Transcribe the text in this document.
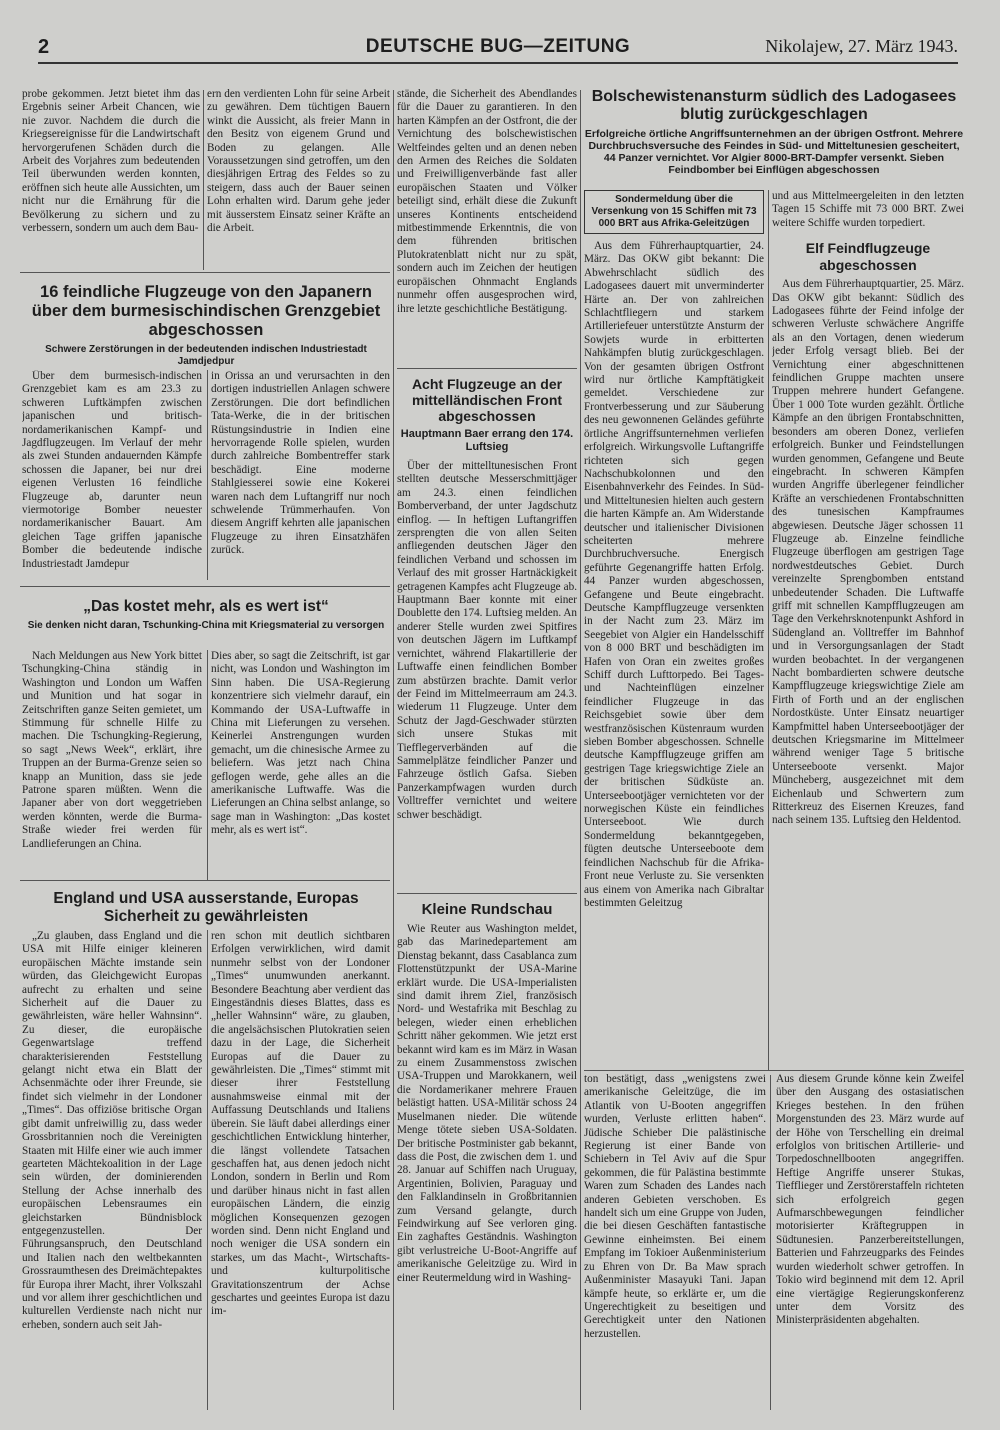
2	DEUTSCHE BUG—ZEITUNG	Nikolajew, 27. März 1943.

probe gekommen. Jetzt bietet ihm das Ergebnis seiner Arbeit Chancen, wie nie zuvor. Nachdem die durch die Kriegsereignisse für die Landwirtschaft hervorgerufenen Schäden durch die Arbeit des Vorjahres zum bedeutenden Teil überwunden werden konnten, eröffnen sich heute alle Aussichten, um nicht nur die Ernährung für die Bevölkerung zu sichern und zu verbessern, sondern um auch dem Bau-

ern den verdienten Lohn für seine Arbeit zu gewähren. Dem tüchtigen Bauern winkt die Aussicht, als freier Mann in den Besitz von eigenem Grund und Boden zu gelangen. Alle Voraussetzungen sind getroffen, um den diesjährigen Ertrag des Feldes so zu steigern, dass auch der Bauer seinen Lohn erhalten wird. Darum gehe jeder mit äusserstem Einsatz seiner Kräfte an die Arbeit.

stände, die Sicherheit des Abendlandes für die Dauer zu garantieren. In den harten Kämpfen an der Ostfront, die der Vernichtung des bolschewistischen Weltfeindes gelten und an denen neben den Armen des Reiches die Soldaten und Freiwilligenverbände fast aller europäischen Staaten und Völker beteiligt sind, erhält diese die Zukunft unseres Kontinents entscheidend mitbestimmende Erkenntnis, die von dem führenden britischen Plutokratenblatt nicht nur zu spät, sondern auch im Zeichen der heutigen europäischen Ohnmacht Englands nunmehr offen ausgesprochen wird, ihre letzte geschichtliche Bestätigung.

16 feindliche Flugzeuge von den Japanern über dem burmesischindischen Grenzgebiet abgeschossen
Schwere Zerstörungen in der bedeutenden indischen Industriestadt Jamdjedpur

Über dem burmesisch-indischen Grenzgebiet kam es am 23.3 zu schweren Luftkämpfen zwischen japanischen und britisch-nordamerikanischen Kampf- und Jagdflugzeugen. Im Verlauf der mehr als zwei Stunden andauernden Kämpfe schossen die Japaner, bei nur drei eigenen Verlusten 16 feindliche Flugzeuge ab, darunter neun viermotorige Bomber neuester nordamerikanischer Bauart. Am gleichen Tage griffen japanische Bomber die bedeutende indische Industriestadt Jamdepur

in Orissa an und verursachten in den dortigen industriellen Anlagen schwere Zerstörungen. Die dort befindlichen Tata-Werke, die in der britischen Rüstungsindustrie in Indien eine hervorragende Rolle spielen, wurden durch zahlreiche Bombentreffer stark beschädigt. Eine moderne Stahlgiesserei sowie eine Kokerei waren nach dem Luftangriff nur noch schwelende Trümmerhaufen. Von diesem Angriff kehrten alle japanischen Flugzeuge zu ihren Einsatzhäfen zurück.

„Das kostet mehr, als es wert ist“
Sie denken nicht daran, Tschunking-China mit Kriegsmaterial zu versorgen

Nach Meldungen aus New York bittet Tschungking-China ständig in Washington und London um Waffen und Munition und hat sogar in Zeitschriften ganze Seiten gemietet, um Stimmung für schnelle Hilfe zu machen. Die Tschungking-Regierung, so sagt „News Week“, erklärt, ihre Truppen an der Burma-Grenze seien so knapp an Munition, dass sie jede Patrone sparen müßten. Wenn die Japaner aber von dort weggetrieben werden könnten, werde die Burma-Straße wieder frei werden für Landlieferungen an China.

Dies aber, so sagt die Zeitschrift, ist gar nicht, was London und Washington im Sinn haben. Die USA-Regierung konzentriere sich vielmehr darauf, ein Kommando der USA-Luftwaffe in China mit Lieferungen zu versehen. Keinerlei Anstrengungen wurden gemacht, um die chinesische Armee zu beliefern. Was jetzt nach China geflogen werde, gehe alles an die amerikanische Luftwaffe. Was die Lieferungen an China selbst anlange, so sage man in Washington: „Das kostet mehr, als es wert ist“.

England und USA ausserstande, Europas Sicherheit zu gewährleisten

„Zu glauben, dass England und die USA mit Hilfe einiger kleineren europäischen Mächte imstande sein würden, das Gleichgewicht Europas aufrecht zu erhalten und seine Sicherheit auf die Dauer zu gewährleisten, wäre heller Wahnsinn“. Zu dieser, die europäische Gegenwartslage treffend charakterisierenden Feststellung gelangt nicht etwa ein Blatt der Achsenmächte oder ihrer Freunde, sie findet sich vielmehr in der Londoner „Times“. Das offiziöse britische Organ gibt damit unfreiwillig zu, dass weder Grossbritannien noch die Vereinigten Staaten mit Hilfe einer wie auch immer gearteten Mächtekoalition in der Lage sein würden, der dominierenden Stellung der Achse innerhalb des europäischen Lebensraumes ein gleichstarken Bündnisblock entgegenzustellen. Der Führungsanspruch, den Deutschland und Italien nach den weltbekannten Grossraumthesen des Dreimächtepaktes für Europa ihrer Macht, ihrer Volkszahl und vor allem ihrer geschichtlichen und kulturellen Verdienste nach nicht nur erheben, sondern auch seit Jah-

ren schon mit deutlich sichtbaren Erfolgen verwirklichen, wird damit nunmehr selbst von der Londoner „Times“ unumwunden anerkannt. Besondere Beachtung aber verdient das Eingeständnis dieses Blattes, dass es „heller Wahnsinn“ wäre, zu glauben, die angelsächsischen Plutokratien seien dazu in der Lage, die Sicherheit Europas auf die Dauer zu gewährleisten. Die „Times“ stimmt mit dieser ihrer Feststellung ausnahmsweise einmal mit der Auffassung Deutschlands und Italiens überein. Sie läuft dabei allerdings einer geschichtlichen Entwicklung hinterher, die längst vollendete Tatsachen geschaffen hat, aus denen jedoch nicht London, sondern in Berlin und Rom und darüber hinaus nicht in fast allen europäischen Ländern, die einzig möglichen Konsequenzen gezogen worden sind. Denn nicht England und noch weniger die USA sondern ein starkes, um das Macht-, Wirtschafts- und kulturpolitische Gravitationszentrum der Achse geschartes und geeintes Europa ist dazu im-

Acht Flugzeuge an der mittelländischen Front abgeschossen
Hauptmann Baer errang den 174. Luftsieg

Über der mittelltunesischen Front stellten deutsche Messerschmittjäger am 24.3. einen feindlichen Bomberverband, der unter Jagdschutz einflog. — In heftigen Luftangriffen zersprengten die von allen Seiten anfliegenden deutschen Jäger den feindlichen Verband und schossen im Verlauf des mit grosser Hartnäckigkeit getragenen Kampfes acht Flugzeuge ab. Hauptmann Baer konnte mit einer Doublette den 174. Luftsieg melden. An anderer Stelle wurden zwei Spitfires von deutschen Jägern im Luftkampf vernichtet, während Flakartillerie der Luftwaffe einen feindlichen Bomber zum abstürzen brachte. Damit verlor der Feind im Mittelmeerraum am 24.3. wiederum 11 Flugzeuge. Unter dem Schutz der Jagd-Geschwader stürzten sich unsere Stukas mit Tiefflegerverbänden auf die Sammelplätze feindlicher Panzer und Fahrzeuge östlich Gafsa. Sieben Panzerkampfwagen wurden durch Volltreffer vernichtet und weitere schwer beschädigt.

Kleine Rundschau

Wie Reuter aus Washington meldet, gab das Marinedepartement am Dienstag bekannt, dass Casablanca zum Flottenstützpunkt der USA-Marine erklärt wurde. Die USA-Imperialisten sind damit ihrem Ziel, französisch Nord- und Westafrika mit Beschlag zu belegen, wieder einen erheblichen Schritt näher gekommen. Wie jetzt erst bekannt wird kam es im März in Wasan zu einem Zusammenstoss zwischen USA-Truppen und Marokkanern, weil die Nordamerikaner mehrere Frauen belästigt hatten. USA-Militär schoss 24 Muselmanen nieder. Die wütende Menge tötete sieben USA-Soldaten. Der britische Postminister gab bekannt, dass die Post, die zwischen dem 1. und 28. Januar auf Schiffen nach Uruguay, Argentinien, Bolivien, Paraguay und den Falklandinseln in Großbritannien zum Versand gelangte, durch Feindwirkung auf See verloren ging. Ein zaghaftes Geständnis. Washington gibt verlustreiche U-Boot-Angriffe auf amerikanische Geleitzüge zu. Wird in einer Reutermeldung wird in Washing-

Bolschewistenansturm südlich des Ladogasees blutig zurückgeschlagen
Erfolgreiche örtliche Angriffsunternehmen an der übrigen Ostfront. Mehrere Durchbruchsversuche des Feindes in Süd- und Mitteltunesien gescheitert, 44 Panzer vernichtet. Vor Algier 8000-BRT-Dampfer versenkt. Sieben Feindbomber bei Einflügen abgeschossen
Sondermeldung über die Versenkung von 15 Schiffen mit 73 000 BRT aus Afrika-Geleitzügen

Aus dem Führerhauptquartier, 24. März. Das OKW gibt bekannt: Die Abwehrschlacht südlich des Ladogasees dauert mit unverminderter Härte an. Der von zahlreichen Schlachtfliegern und starkem Artilleriefeuer unterstützte Ansturm der Sowjets wurde in erbitterten Nahkämpfen blutig zurückgeschlagen. Von der gesamten übrigen Ostfront wird nur örtliche Kampftätigkeit gemeldet. Verschiedene zur Frontverbesserung und zur Säuberung des neu gewonnenen Geländes geführte örtliche Angriffsunternehmen verliefen erfolgreich. Wirkungsvolle Luftangriffe richteten sich gegen Nachschubkolonnen und den Eisenbahnverkehr des Feindes. In Süd- und Mitteltunesien hielten auch gestern die harten Kämpfe an. Am Widerstande deutscher und italienischer Divisionen scheiterten mehrere Durchbruchversuche. Energisch geführte Gegenangriffe hatten Erfolg. 44 Panzer wurden abgeschossen, Gefangene und Beute eingebracht. Deutsche Kampfflugzeuge versenkten in der Nacht zum 23. März im Seegebiet von Algier ein Handelsschiff von 8 000 BRT und beschädigten im Hafen von Oran ein zweites großes Schiff durch Lufttorpedo. Bei Tages- und Nachteinflügen einzelner feindlicher Flugzeuge in das Reichsgebiet sowie über dem westfranzösischen Küstenraum wurden sieben Bomber abgeschossen. Schnelle deutsche Kampfflugzeuge griffen am gestrigen Tage kriegswichtige Ziele an der britischen Südküste an. Unterseebootjäger vernichteten vor der norwegischen Küste ein feindliches Unterseeboot. Wie durch Sondermeldung bekanntgegeben, fügten deutsche Unterseeboote dem feindlichen Nachschub für die Afrika-Front neue Verluste zu. Sie versenkten aus einem von Amerika nach Gibraltar bestimmten Geleitzug

und aus Mittelmeergeleiten in den letzten Tagen 15 Schiffe mit 73 000 BRT. Zwei weitere Schiffe wurden torpediert.

Elf Feindflugzeuge abgeschossen

Aus dem Führerhauptquartier, 25. März. Das OKW gibt bekannt: Südlich des Ladogasees führte der Feind infolge der schweren Verluste schwächere Angriffe als an den Vortagen, denen wiederum jeder Erfolg versagt blieb. Bei der Vernichtung einer abgeschnittenen feindlichen Gruppe machten unsere Truppen mehrere hundert Gefangene. Über 1 000 Tote wurden gezählt. Örtliche Kämpfe an den übrigen Frontabschnitten, besonders am oberen Donez, verliefen erfolgreich. Bunker und Feindstellungen wurden genommen, Gefangene und Beute eingebracht. In schweren Kämpfen wurden Angriffe überlegener feindlicher Kräfte an verschiedenen Frontabschnitten des tunesischen Kampfraumes abgewiesen. Deutsche Jäger schossen 11 Flugzeuge ab. Einzelne feindliche Flugzeuge überflogen am gestrigen Tage nordwestdeutsches Gebiet. Durch vereinzelte Sprengbomben entstand unbedeutender Schaden. Die Luftwaffe griff mit schnellen Kampfflugzeugen am Tage den Verkehrsknotenpunkt Ashford in Südengland an. Volltreffer im Bahnhof und in Versorgungsanlagen der Stadt wurden beobachtet. In der vergangenen Nacht bombardierten schwere deutsche Kampfflugzeuge kriegswichtige Ziele am Firth of Forth und an der englischen Nordostküste. Unter Einsatz neuartiger Kampfmittel haben Unterseebootjäger der deutschen Kriegsmarine im Mittelmeer während weniger Tage 5 britische Unterseeboote versenkt. Major Müncheberg, ausgezeichnet mit dem Eichenlaub und Schwertern zum Ritterkreuz des Eisernen Kreuzes, fand nach seinem 135. Luftsieg den Heldentod.

ton bestätigt, dass „wenigstens zwei amerikanische Geleitzüge, die im Atlantik von U-Booten angegriffen wurden, Verluste erlitten haben“. Jüdische Schieber Die palästinische Regierung ist einer Bande von Schiebern in Tel Aviv auf die Spur gekommen, die für Palästina bestimmte Waren zum Schaden des Landes nach anderen Gebieten verschoben. Es handelt sich um eine Gruppe von Juden, die bei diesen Geschäften fantastische Gewinne einheimsten. Bei einem Empfang im Tokioer Außenministerium zu Ehren von Dr. Ba Maw sprach Außenminister Masayuki Tani. Japan kämpfe heute, so erklärte er, um die Ungerechtigkeit zu beseitigen und Gerechtigkeit unter den Nationen herzustellen.

Aus diesem Grunde könne kein Zweifel über den Ausgang des ostasiatischen Krieges bestehen. In den frühen Morgenstunden des 23. März wurde auf der Höhe von Terschelling ein dreimal erfolglos von britischen Artillerie- und Torpedoschnellbooten angegriffen. Heftige Angriffe unserer Stukas, Tiefflieger und Zerstörerstaffeln richteten sich erfolgreich gegen Aufmarschbewegungen feindlicher motorisierter Kräftegruppen in Südtunesien. Panzerbereitstellungen, Batterien und Fahrzeugparks des Feindes wurden wiederholt schwer getroffen. In Tokio wird beginnend mit dem 12. April eine viertägige Regierungskonferenz unter dem Vorsitz des Ministerpräsidenten abgehalten.
